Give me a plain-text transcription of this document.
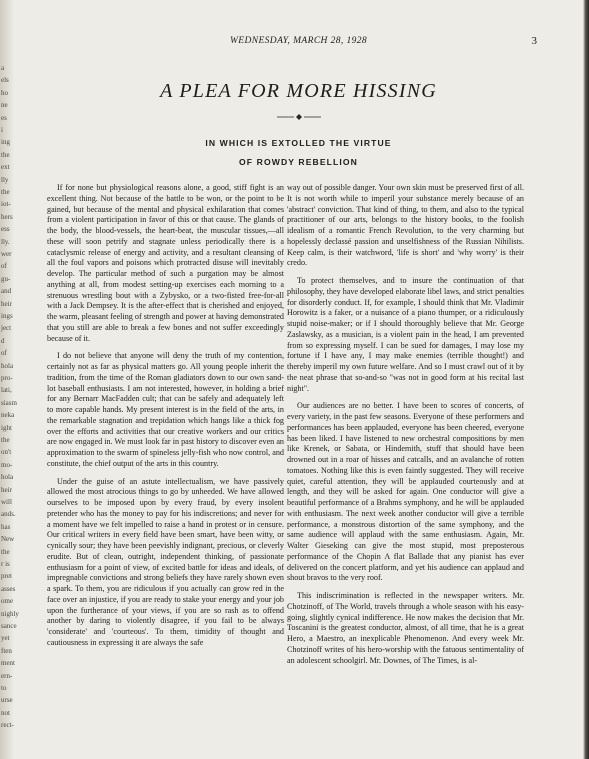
a
els
ho
ne
es
i
ing
the
ext
lly
the
iot-
hers
ess
lly.
wer
of
gu-
and
heir
ings
ject
d
of
hola
pro-
lati,
siasm
neka
ight
the
on't
mo-
hola
heir
will
ands.
has
New
the
r is
pret
asses
ome
nighly
sance
yet
ften
ment
ern-
to
urse
not
rect-
WEDNESDAY, MARCH 28, 1928	3
A PLEA FOR MORE HISSING
IN WHICH IS EXTOLLED THE VIRTUE
OF ROWDY REBELLION

If for none but physiological reasons alone, a good, stiff fight is an excellent thing. Not because of the battle to be won, or the point to be gained, but because of the mental and physical exhilaration that comes from a violent participation in favor of this or that cause. The glands of the body, the blood-vessels, the heart-beat, the muscular tissues,—all these will soon petrify and stagnate unless periodically there is a cataclysmic release of energy and activity, and a resultant cleansing of all the foul vapors and poisons which protracted disuse will inevitably develop. The particular method of such a purgation may be almost anything at all, from modest setting-up exercises each morning to a strenuous wrestling bout with a Zybysko, or a two-fisted free-for-all with a Jack Dempsey. It is the after-effect that is cherished and enjoyed, the warm, pleasant feeling of strength and power at having demonstrated that you still are able to break a few bones and not suffer exceedingly because of it.

I do not believe that anyone will deny the truth of my contention, certainly not as far as physical matters go. All young people inherit the tradition, from the time of the Roman gladiators down to our own sand-lot baseball enthusiasts. I am not interested, however, in holding a brief for any Bernarr MacFadden cult; that can be safely and adequately left to more capable hands. My present interest is in the field of the arts, in the remarkable stagnation and trepidation which hangs like a thick fog over the efforts and activities that our creative workers and our critics are now engaged in. We must look far in past history to discover even an approximation to the swarm of spineless jelly-fish who now control, and constitute, the chief output of the arts in this country.

Under the guise of an astute intellectualism, we have passively allowed the most atrocious things to go by unheeded. We have allowed ourselves to be imposed upon by every fraud, by every insolent pretender who has the money to pay for his indiscretions; and never for a moment have we felt impelled to raise a hand in protest or in censure. Our critical writers in every field have been smart, have been witty, or cynically sour; they have been peevishly indignant, precious, or cleverly erudite. But of clean, outright, independent thinking, of passionate enthusiasm for a point of view, of excited battle for ideas and ideals, of impregnable convictions and strong beliefs they have rarely shown even a spark. To them, you are ridiculous if you actually can grow red in the face over an injustice, if you are ready to stake your energy and your job upon the furtherance of your views, if you are so rash as to offend another by daring to violently disagree, if you fail to be always 'considerate' and 'courteous'. To them, timidity of thought and cautiousness in expressing it are always the safe

way out of possible danger. Your own skin must be preserved first of all. It is not worth while to imperil your substance merely because of an 'abstract' conviction. That kind of thing, to them, and also to the typical practitioner of our arts, belongs to the history books, to the foolish idealism of a romantic French Revolution, to the very charming but hopelessly declassé passion and unselfishness of the Russian Nihilists. Keep calm, is their watchword, 'life is short' and 'why worry' is their credo.

To protect themselves, and to insure the continuation of that philosophy, they have developed elaborate libel laws, and strict penalties for disorderly conduct. If, for example, I should think that Mr. Vladimir Horowitz is a faker, or a nuisance of a piano thumper, or a ridiculously stupid noise-maker; or if I should thoroughly believe that Mr. George Zaslawsky, as a musician, is a violent pain in the head, I am prevented from so expressing myself. I can be sued for damages, I may lose my fortune if I have any, I may make enemies (terrible thought!) and thereby imperil my own future welfare. And so I must crawl out of it by the neat phrase that so-and-so "was not in good form at his recital last night".

Our audiences are no better. I have been to scores of concerts, of every variety, in the past few seasons. Everyone of these performers and performances has been applauded, everyone has been cheered, everyone has been liked. I have listened to new orchestral compositions by men like Krenek, or Sabata, or Hindemith, stuff that should have been drowned out in a roar of hisses and catcalls, and an avalanche of rotten tomatoes. Nothing like this is even faintly suggested. They will receive quiet, careful attention, they will be applauded courteously and at length, and they will be asked for again. One conductor will give a beautiful performance of a Brahms symphony, and he will be applauded with enthusiasm. The next week another conductor will give a terrible performance, a monstrous distortion of the same symphony, and the same audience will applaud with the same enthusiasm. Again, Mr. Walter Gieseking can give the most stupid, most preposterous performance of the Chopin A flat Ballade that any pianist has ever delivered on the concert platform, and yet his audience can applaud and shout bravos to the very roof.

This indiscrimination is reflected in the newspaper writers. Mr. Chotzinoff, of The World, travels through a whole season with his easy-going, slightly cynical indifference. He now makes the decision that Mr. Toscanini is the greatest conductor, almost, of all time, that he is a great Hero, a Maestro, an inexplicable Phenomenon. And every week Mr. Chotzinoff writes of his hero-worship with the fatuous sentimentality of an adolescent schoolgirl. Mr. Downes, of The Times, is al-
